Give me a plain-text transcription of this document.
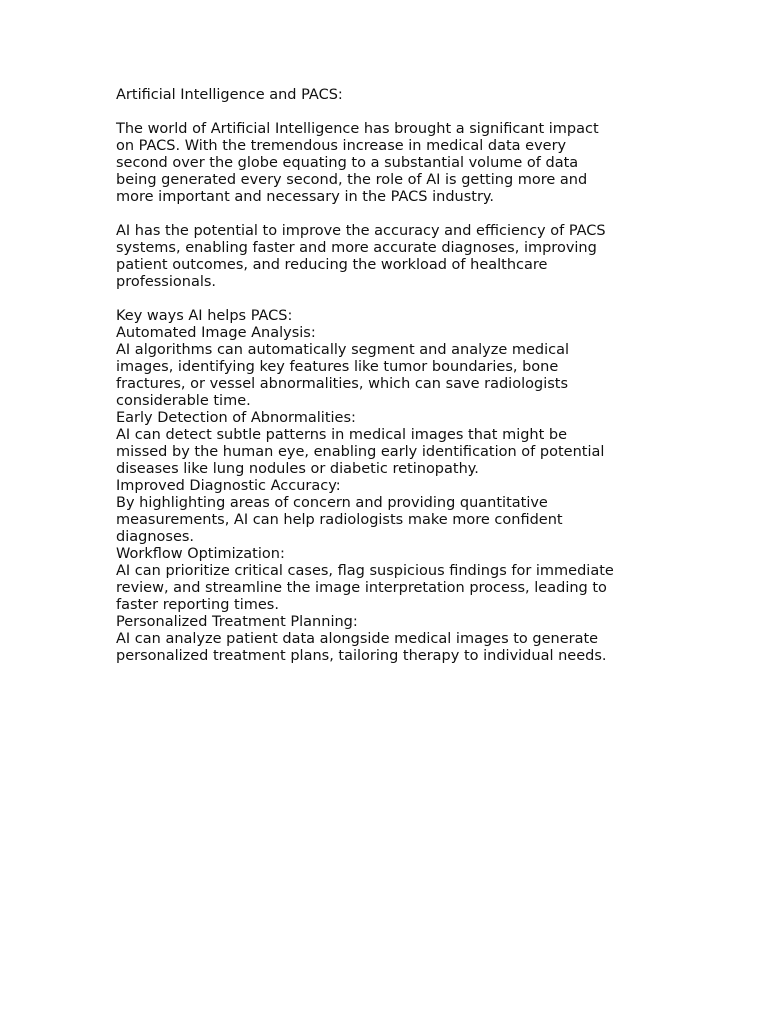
Artificial Intelligence and PACS:
The world of Artificial Intelligence has brought a significant impact
on PACS. With the tremendous increase in medical data every
second over the globe equating to a substantial volume of data
being generated every second, the role of AI is getting more and
more important and necessary in the PACS industry.
AI has the potential to improve the accuracy and efficiency of PACS
systems, enabling faster and more accurate diagnoses, improving
patient outcomes, and reducing the workload of healthcare
professionals.
Key ways AI helps PACS:
Automated Image Analysis:
AI algorithms can automatically segment and analyze medical
images, identifying key features like tumor boundaries, bone
fractures, or vessel abnormalities, which can save radiologists
considerable time.
Early Detection of Abnormalities:
AI can detect subtle patterns in medical images that might be
missed by the human eye, enabling early identification of potential
diseases like lung nodules or diabetic retinopathy.
Improved Diagnostic Accuracy:
By highlighting areas of concern and providing quantitative
measurements, AI can help radiologists make more confident
diagnoses.
Workflow Optimization:
AI can prioritize critical cases, flag suspicious findings for immediate
review, and streamline the image interpretation process, leading to
faster reporting times.
Personalized Treatment Planning:
AI can analyze patient data alongside medical images to generate
personalized treatment plans, tailoring therapy to individual needs.
